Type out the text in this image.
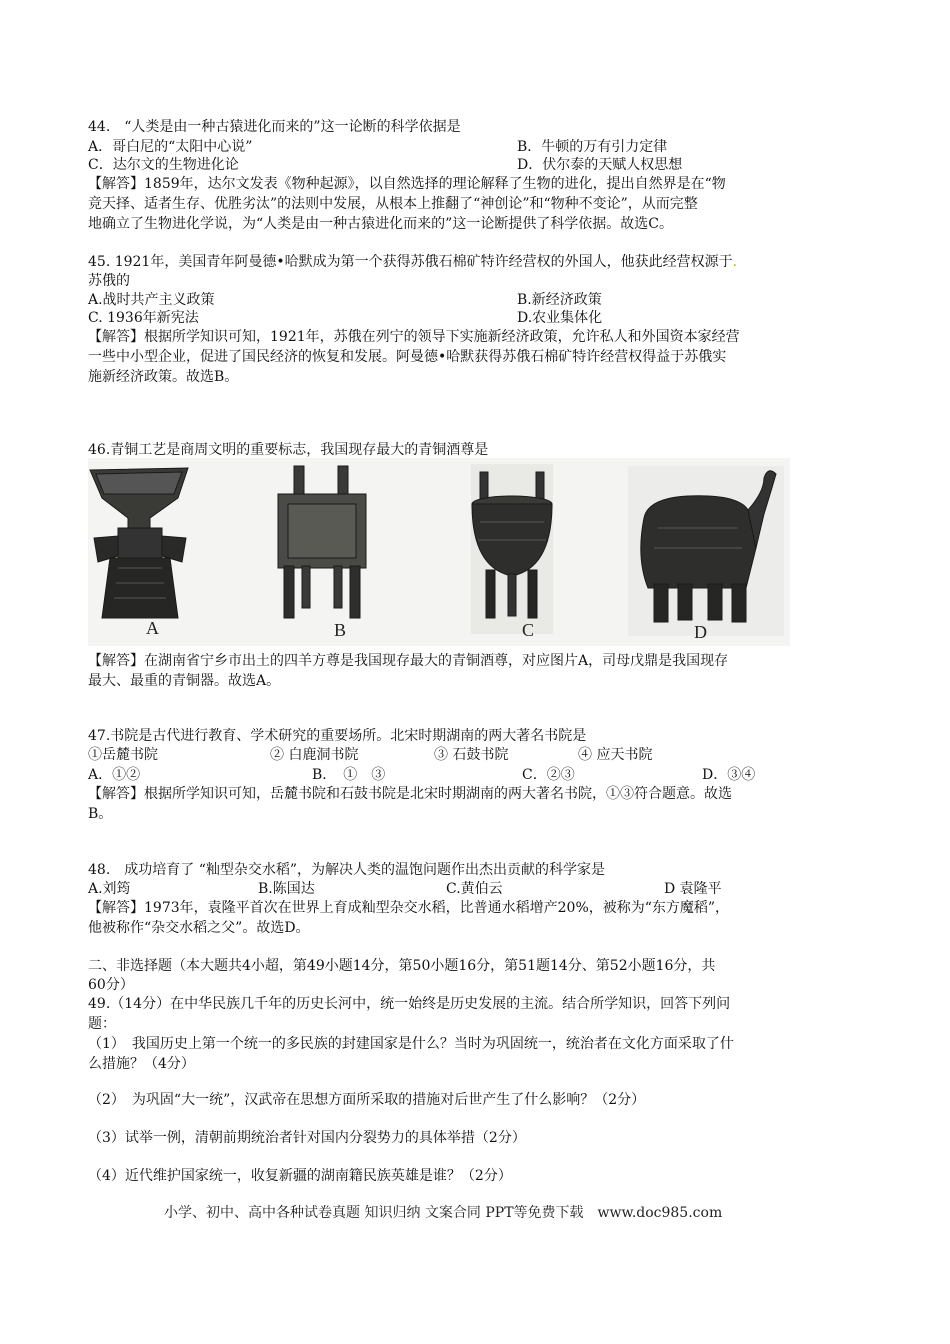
44.　“人类是由一种古猿进化而来的”这一论断的科学依据是
A．哥白尼的“太阳中心说”	B．牛顿的万有引力定律
C．达尔文的生物进化论	D．伏尔泰的天赋人权思想
【解答】1859年，达尔文发表《物种起源》，以自然选择的理论解释了生物的进化，提出自然界是在“物
竞天择、适者生存、优胜劣汰”的法则中发展，从根本上推翻了“神创论”和“物种不变论”，从而完整
地确立了生物进化学说，为“人类是由一种古猿进化而来的”这一论断提供了科学依据。故选C。
45. 1921年，美国青年阿曼德•哈默成为第一个获得苏俄石棉矿特许经营权的外国人，他获此经营权源于.
苏俄的
A.战时共产主义政策	B.新经济政策
C. 1936年新宪法	D.农业集体化
【解答】根据所学知识可知，1921年，苏俄在列宁的领导下实施新经济政策，允许私人和外国资本家经营
一些中小型企业，促进了国民经济的恢复和发展。阿曼德•哈默获得苏俄石棉矿特许经营权得益于苏俄实
施新经济政策。故选B。
46.青铜工艺是商周文明的重要标志，我国现存最大的青铜酒尊是
A	B	C	D
【解答】在湖南省宁乡市出土的四羊方尊是我国现存最大的青铜酒尊，对应图片A，司母戊鼎是我国现存
最大、最重的青铜器。故选A。
47.书院是古代进行教育、学术研究的重要场所。北宋时期湖南的两大著名书院是
①岳麓书院	② 白鹿洞书院	③ 石鼓书院	④ 应天书院
A．①②	B．　①　③	C．②③	D．③④
【解答】根据所学知识可知，岳麓书院和石鼓书院是北宋时期湖南的两大著名书院，①③符合题意。故选
B。
48.　成功培育了 “籼型杂交水稻”，为解决人类的温饱问题作出杰出贡献的科学家是
A.刘筠	B.陈国达	C.黄伯云	D 袁隆平
【解答】1973年，袁隆平首次在世界上育成籼型杂交水稻，比普通水稻增产20%，被称为“东方魔稻”，
他被称作“杂交水稻之父”。故选D。
二、非选择题（本大题共4小超，第49小题14分，第50小题16分，第51题14分、第52小题16分，共
60分）
49.（14分）在中华民族几千年的历史长河中，统一始终是历史发展的主流。结合所学知识，回答下列问
题：
（1）　我国历史上第一个统一的多民族的封建国家是什么？当时为巩固统一，统治者在文化方面采取了什
么措施？（4分）
（2）　为巩固“大一统”，汉武帝在思想方面所采取的措施对后世产生了什么影响？（2分）
（3）试举一例，清朝前期统治者针对国内分裂势力的具体举措（2分）
（4）近代维护国家统一，收复新疆的湖南籍民族英雄是谁？（2分）
小学、初中、高中各种试卷真题 知识归纳 文案合同 PPT等免费下载　www.doc985.com
